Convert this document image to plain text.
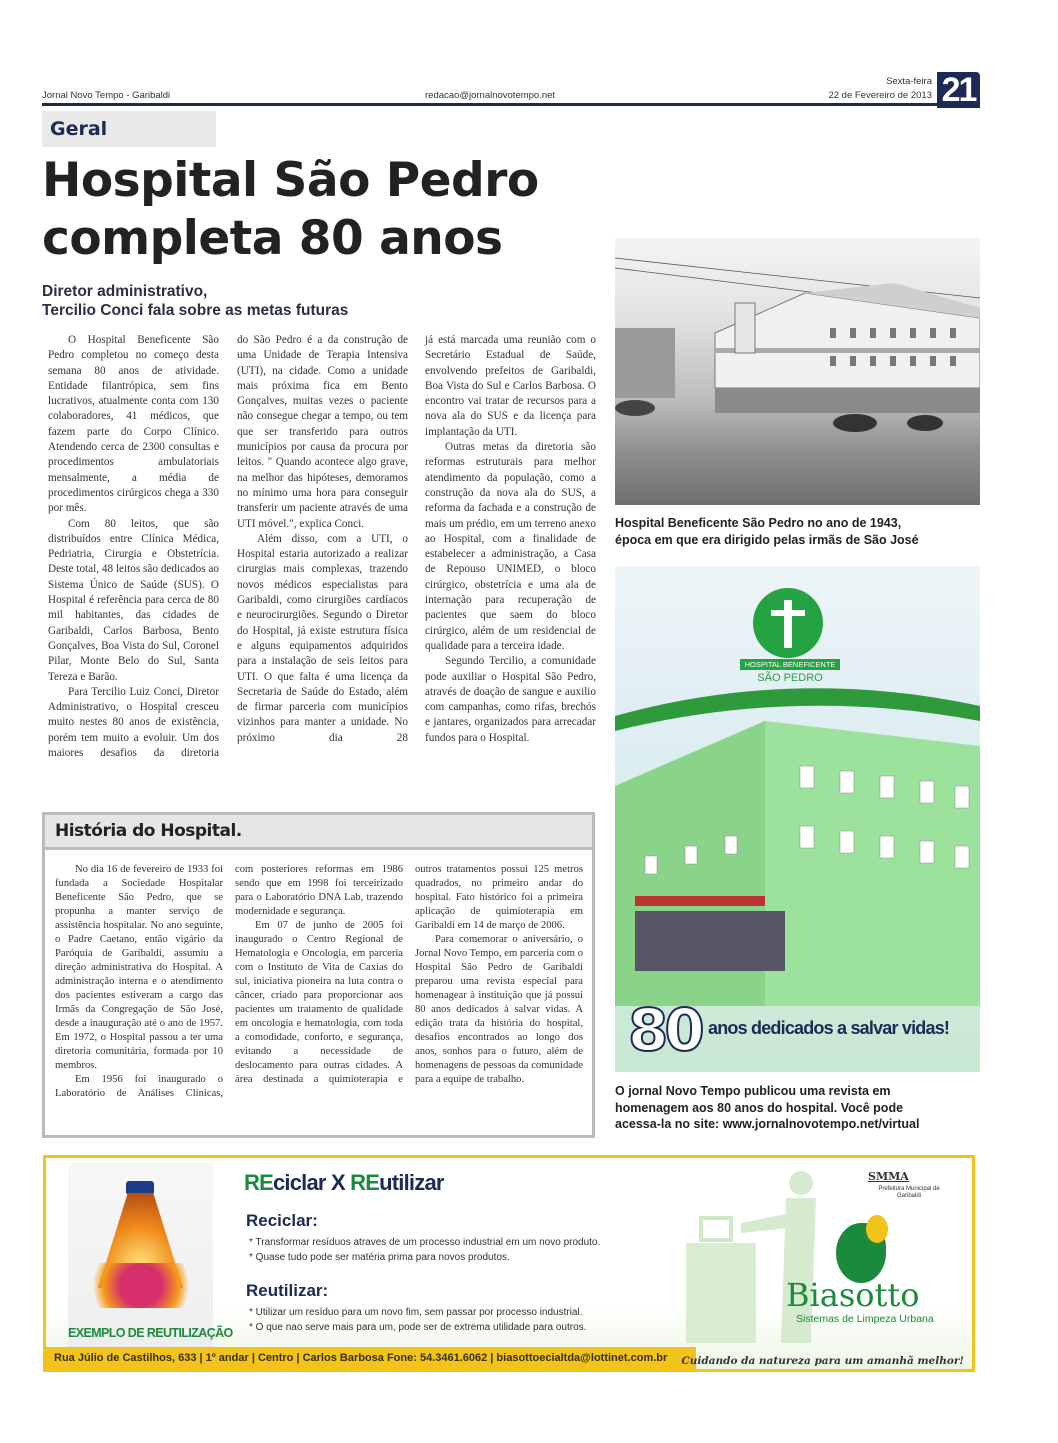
Jornal Novo Tempo - Garibaldi	redacao@jornalnovotempo.net
Sexta-feira
22 de Fevereiro de 2013 21
Geral
Hospital São Pedro completa 80 anos
Diretor administrativo,
Tercilio Conci fala sobre as metas futuras

O Hospital Beneficente São Pedro completou no começo desta semana 80 anos de atividade. Entidade filantrópica, sem fins lucrativos, atualmente conta com 130 colaboradores, 41 médicos, que fazem parte do Corpo Clínico. Atendendo cerca de 2300 consultas e procedimentos ambulatoriais mensalmente, a média de procedimentos cirúrgicos chega a 330 por mês.

Com 80 leitos, que são distribuídos entre Clínica Médica, Pedriatria, Cirurgia e Obstetrícia. Deste total, 48 leitos são dedicados ao Sistema Único de Saúde (SUS). O Hospital é referência para cerca de 80 mil habitantes, das cidades de Garibaldi, Carlos Barbosa, Bento Gonçalves, Boa Vista do Sul, Coronel Pilar, Monte Belo do Sul, Santa Tereza e Barão.

Para Tercilio Luiz Conci, Diretor Administrativo, o Hospital cresceu muito nestes 80 anos de existência, porém tem muito a evoluir. Um dos maiores desafios da diretoria

do São Pedro é a da construção de uma Unidade de Terapia Intensiva (UTI), na cidade. Como a unidade mais próxima fica em Bento Gonçalves, muitas vezes o paciente não consegue chegar a tempo, ou tem que ser transferido para outros municípios por causa da procura por leitos. " Quando acontece algo grave, na melhor das hipóteses, demoramos no mínimo uma hora para conseguir transferir um paciente através de uma UTI móvel.", explica Conci.

Além disso, com a UTI, o Hospital estaria autorizado a realizar cirurgias mais complexas, trazendo novos médicos especialistas para Garibaldi, como cirurgiões cardíacos e neurocirurgiões. Segundo o Diretor do Hospital, já existe estrutura física e alguns equipamentos adquiridos para a instalação de seis leitos para UTI. O que falta é uma licença da Secretaria de Saúde do Estado, além de firmar parceria com municípios vizinhos para manter a unidade. No próximo dia 28

já está marcada uma reunião com o Secretário Estadual de Saúde, envolvendo prefeitos de Garibaldi, Boa Vista do Sul e Carlos Barbosa. O encontro vai tratar de recursos para a nova ala do SUS e da licença para implantação da UTI.

Outras metas da diretoria são reformas estruturais para melhor atendimento da população, como a construção da nova ala do SUS, a reforma da fachada e a construção de mais um prédio, em um terreno anexo ao Hospital, com a finalidade de estabelecer a administração, a Casa de Repouso UNIMED, o bloco cirúrgico, obstetrícia e uma ala de internação para recuperação de pacientes que saem do bloco cirúrgico, além de um residencial de qualidade para a terceira idade.

Segundo Tercilio, a comunidade pode auxiliar o Hospital São Pedro, através de doação de sangue e auxilio com campanhas, como rifas, brechós e jantares, organizados para arrecadar fundos para o Hospital.

História do Hospital.

No dia 16 de fevereiro de 1933 foi fundada a Sociedade Hospitalar Beneficente São Pedro, que se propunha a manter serviço de assistência hospitalar. No ano seguinte, o Padre Caetano, então vigário da Paróquia de Garibaldi, assumiu a direção administrativa do Hospital. A administração interna e o atendimento dos pacientes estiveram a cargo das Irmãs da Congregação de São José, desde a inauguração até o ano de 1957. Em 1972, o Hospital passou a ter uma diretoria comunitária, formada por 10 membros.

Em 1956 foi inaugurado o Laboratório de Análises Clínicas,

com posteriores reformas em 1986 sendo que em 1998 foi terceirizado para o Laboratório DNA Lab, trazendo modernidade e segurança.

Em 07 de junho de 2005 foi inaugurado o Centro Regional de Hematologia e Oncologia, em parceria com o Instituto de Vita de Caxias do sul, iniciativa pioneira na luta contra o câncer, criado para proporcionar aos pacientes um tratamento de qualidade em oncologia e hematologia, com toda a comodidade, conforto, e segurança, evitando a necessidade de deslocamento para outras cidades. A área destinada a quimioterapia e

outros tratamentos possui 125 metros quadrados, no primeiro andar do hospital. Fato histórico foi a primeira aplicação de quimioterapia em Garibaldi em 14 de março de 2006.

Para comemorar o aniversário, o Jornal Novo Tempo, em parceria com o Hospital São Pedro de Garibaldi preparou uma revista especial para homenagear à instituição que já possui 80 anos dedicados à salvar vidas. A edição trata da história do hospital, desafios encontrados ao longo dos anos, sonhos para o futuro, além de homenagens de pessoas da comunidade para a equipe de trabalho.

Hospital Beneficente São Pedro no ano de 1943,
época em que era dirigido pelas irmãs de São José
HOSPITAL BENEFICENTE
SÃO PEDRO
80 anos dedicados a salvar vidas!
O jornal Novo Tempo publicou uma revista em
homenagem aos 80 anos do hospital. Você pode
acessa-la no site: www.jornalnovotempo.net/virtual
EXEMPLO DE REUTILIZAÇÃO
REciclar X REutilizar
Reciclar:
* Transformar resíduos atraves de um processo industrial em um novo produto.
* Quase tudo pode ser matéria prima para novos produtos.
Reutilizar:
* Utilizar um resíduo para um novo fim, sem passar por processo industrial.
* O que nao serve mais para um, pode ser de extrema utilidade para outros.
SMMA
Prefeitura Municipal de Garibaldi
Biasotto
Sistemas de Limpeza Urbana
Rua Júlio de Castilhos, 633 | 1º andar | Centro | Carlos Barbosa Fone: 54.3461.6062 | biasottoecialtda@lottinet.com.br	Cuidando da natureza para um amanhã melhor!
